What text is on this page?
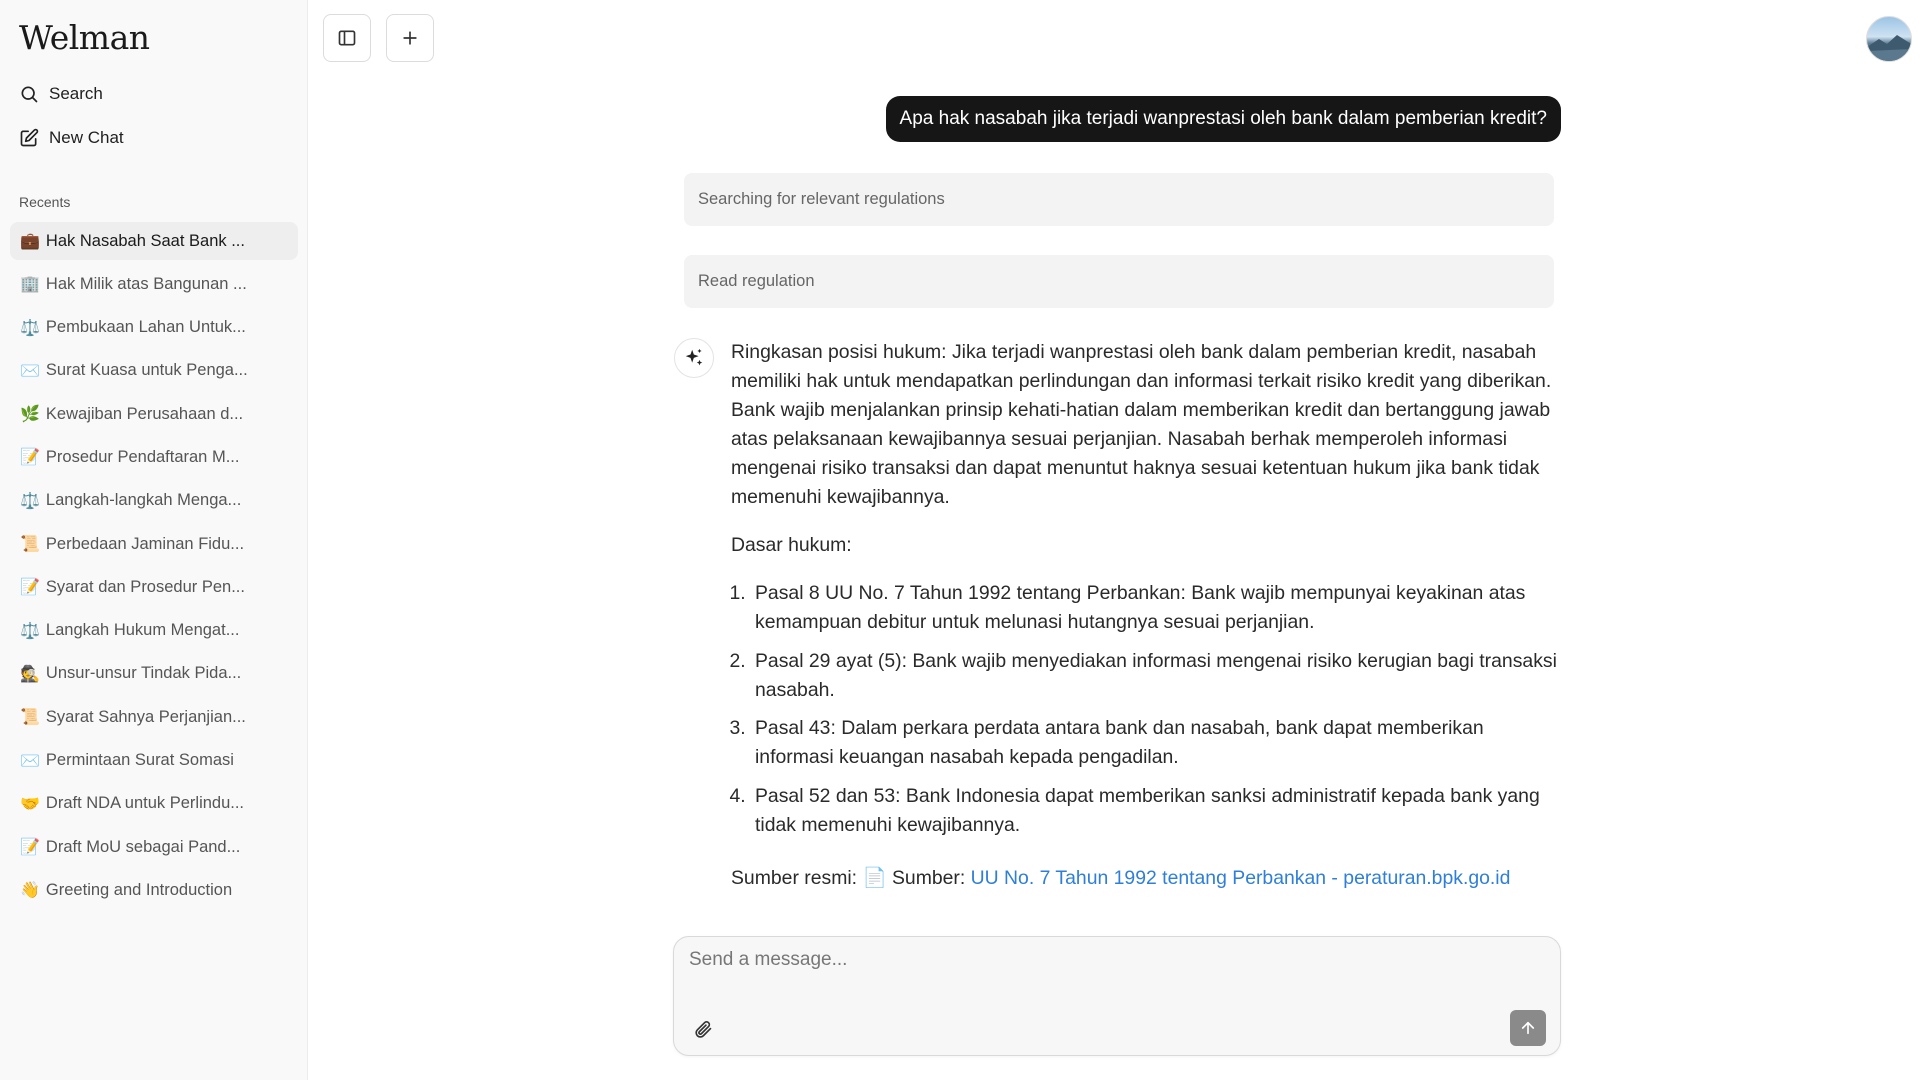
Welman
Search
New Chat
Recents
💼 Hak Nasabah Saat Bank ...
🏢 Hak Milik atas Bangunan ...
⚖️ Pembukaan Lahan Untuk...
✉️ Surat Kuasa untuk Penga...
🌿 Kewajiban Perusahaan d...
📝 Prosedur Pendaftaran M...
⚖️ Langkah-langkah Menga...
📜 Perbedaan Jaminan Fidu...
📝 Syarat dan Prosedur Pen...
⚖️ Langkah Hukum Mengat...
🕵️ Unsur-unsur Tindak Pida...
📜 Syarat Sahnya Perjanjian...
✉️ Permintaan Surat Somasi
🤝 Draft NDA untuk Perlindu...
📝 Draft MoU sebagai Pand...
👋 Greeting and Introduction
Apa hak nasabah jika terjadi wanprestasi oleh bank dalam pemberian kredit?
Searching for relevant regulations
Read regulation

Ringkasan posisi hukum: Jika terjadi wanprestasi oleh bank dalam pemberian kredit, nasabah memiliki hak untuk mendapatkan perlindungan dan informasi terkait risiko kredit yang diberikan. Bank wajib menjalankan prinsip kehati-hatian dalam memberikan kredit dan bertanggung jawab atas pelaksanaan kewajibannya sesuai perjanjian. Nasabah berhak memperoleh informasi mengenai risiko transaksi dan dapat menuntut haknya sesuai ketentuan hukum jika bank tidak memenuhi kewajibannya.

Dasar hukum:

1. Pasal 8 UU No. 7 Tahun 1992 tentang Perbankan: Bank wajib mempunyai keyakinan atas kemampuan debitur untuk melunasi hutangnya sesuai perjanjian.
2. Pasal 29 ayat (5): Bank wajib menyediakan informasi mengenai risiko kerugian bagi transaksi nasabah.
3. Pasal 43: Dalam perkara perdata antara bank dan nasabah, bank dapat memberikan informasi keuangan nasabah kepada pengadilan.
4. Pasal 52 dan 53: Bank Indonesia dapat memberikan sanksi administratif kepada bank yang tidak memenuhi kewajibannya.

Sumber resmi: 📄 Sumber: UU No. 7 Tahun 1992 tentang Perbankan - peraturan.bpk.go.id

Send a message...
